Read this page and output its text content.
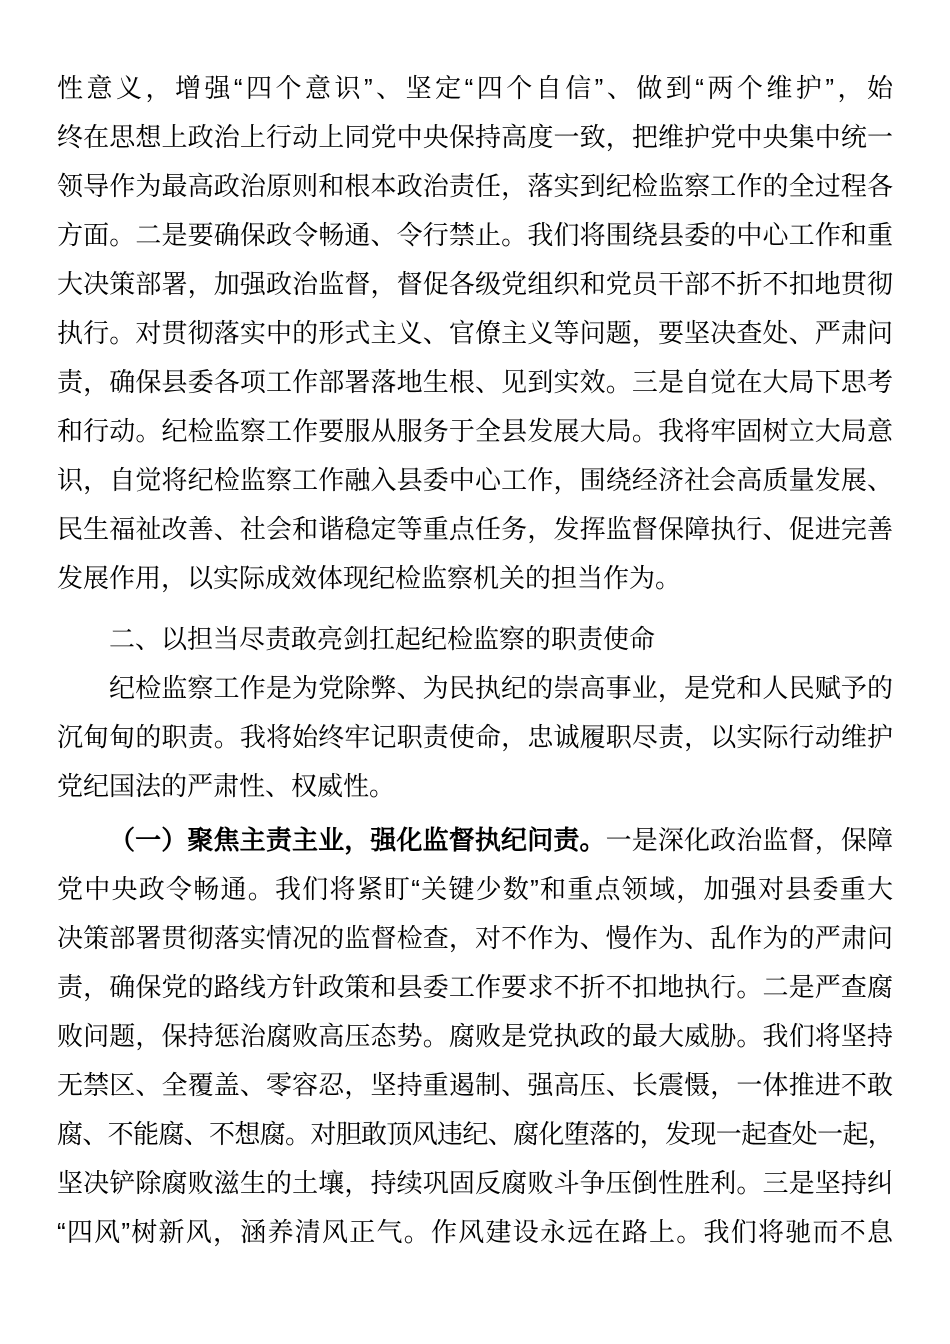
性意义，增强“四个意识”、坚定“四个自信”、做到“两个维护”，始
终在思想上政治上行动上同党中央保持高度一致，把维护党中央集中统一
领导作为最高政治原则和根本政治责任，落实到纪检监察工作的全过程各
方面。二是要确保政令畅通、令行禁止。我们将围绕县委的中心工作和重
大决策部署，加强政治监督，督促各级党组织和党员干部不折不扣地贯彻
执行。对贯彻落实中的形式主义、官僚主义等问题，要坚决查处、严肃问
责，确保县委各项工作部署落地生根、见到实效。三是自觉在大局下思考
和行动。纪检监察工作要服从服务于全县发展大局。我将牢固树立大局意
识，自觉将纪检监察工作融入县委中心工作，围绕经济社会高质量发展、
民生福祉改善、社会和谐稳定等重点任务，发挥监督保障执行、促进完善
发展作用，以实际成效体现纪检监察机关的担当作为。
二、以担当尽责敢亮剑扛起纪检监察的职责使命
纪检监察工作是为党除弊、为民执纪的崇高事业，是党和人民赋予的
沉甸甸的职责。我将始终牢记职责使命，忠诚履职尽责，以实际行动维护
党纪国法的严肃性、权威性。
（一）聚焦主责主业，强化监督执纪问责。一是深化政治监督，保障
党中央政令畅通。我们将紧盯“关键少数”和重点领域，加强对县委重大
决策部署贯彻落实情况的监督检查，对不作为、慢作为、乱作为的严肃问
责，确保党的路线方针政策和县委工作要求不折不扣地执行。二是严查腐
败问题，保持惩治腐败高压态势。腐败是党执政的最大威胁。我们将坚持
无禁区、全覆盖、零容忍，坚持重遏制、强高压、长震慑，一体推进不敢
腐、不能腐、不想腐。对胆敢顶风违纪、腐化堕落的，发现一起查处一起，
坚决铲除腐败滋生的土壤，持续巩固反腐败斗争压倒性胜利。三是坚持纠
“四风”树新风，涵养清风正气。作风建设永远在路上。我们将驰而不息
